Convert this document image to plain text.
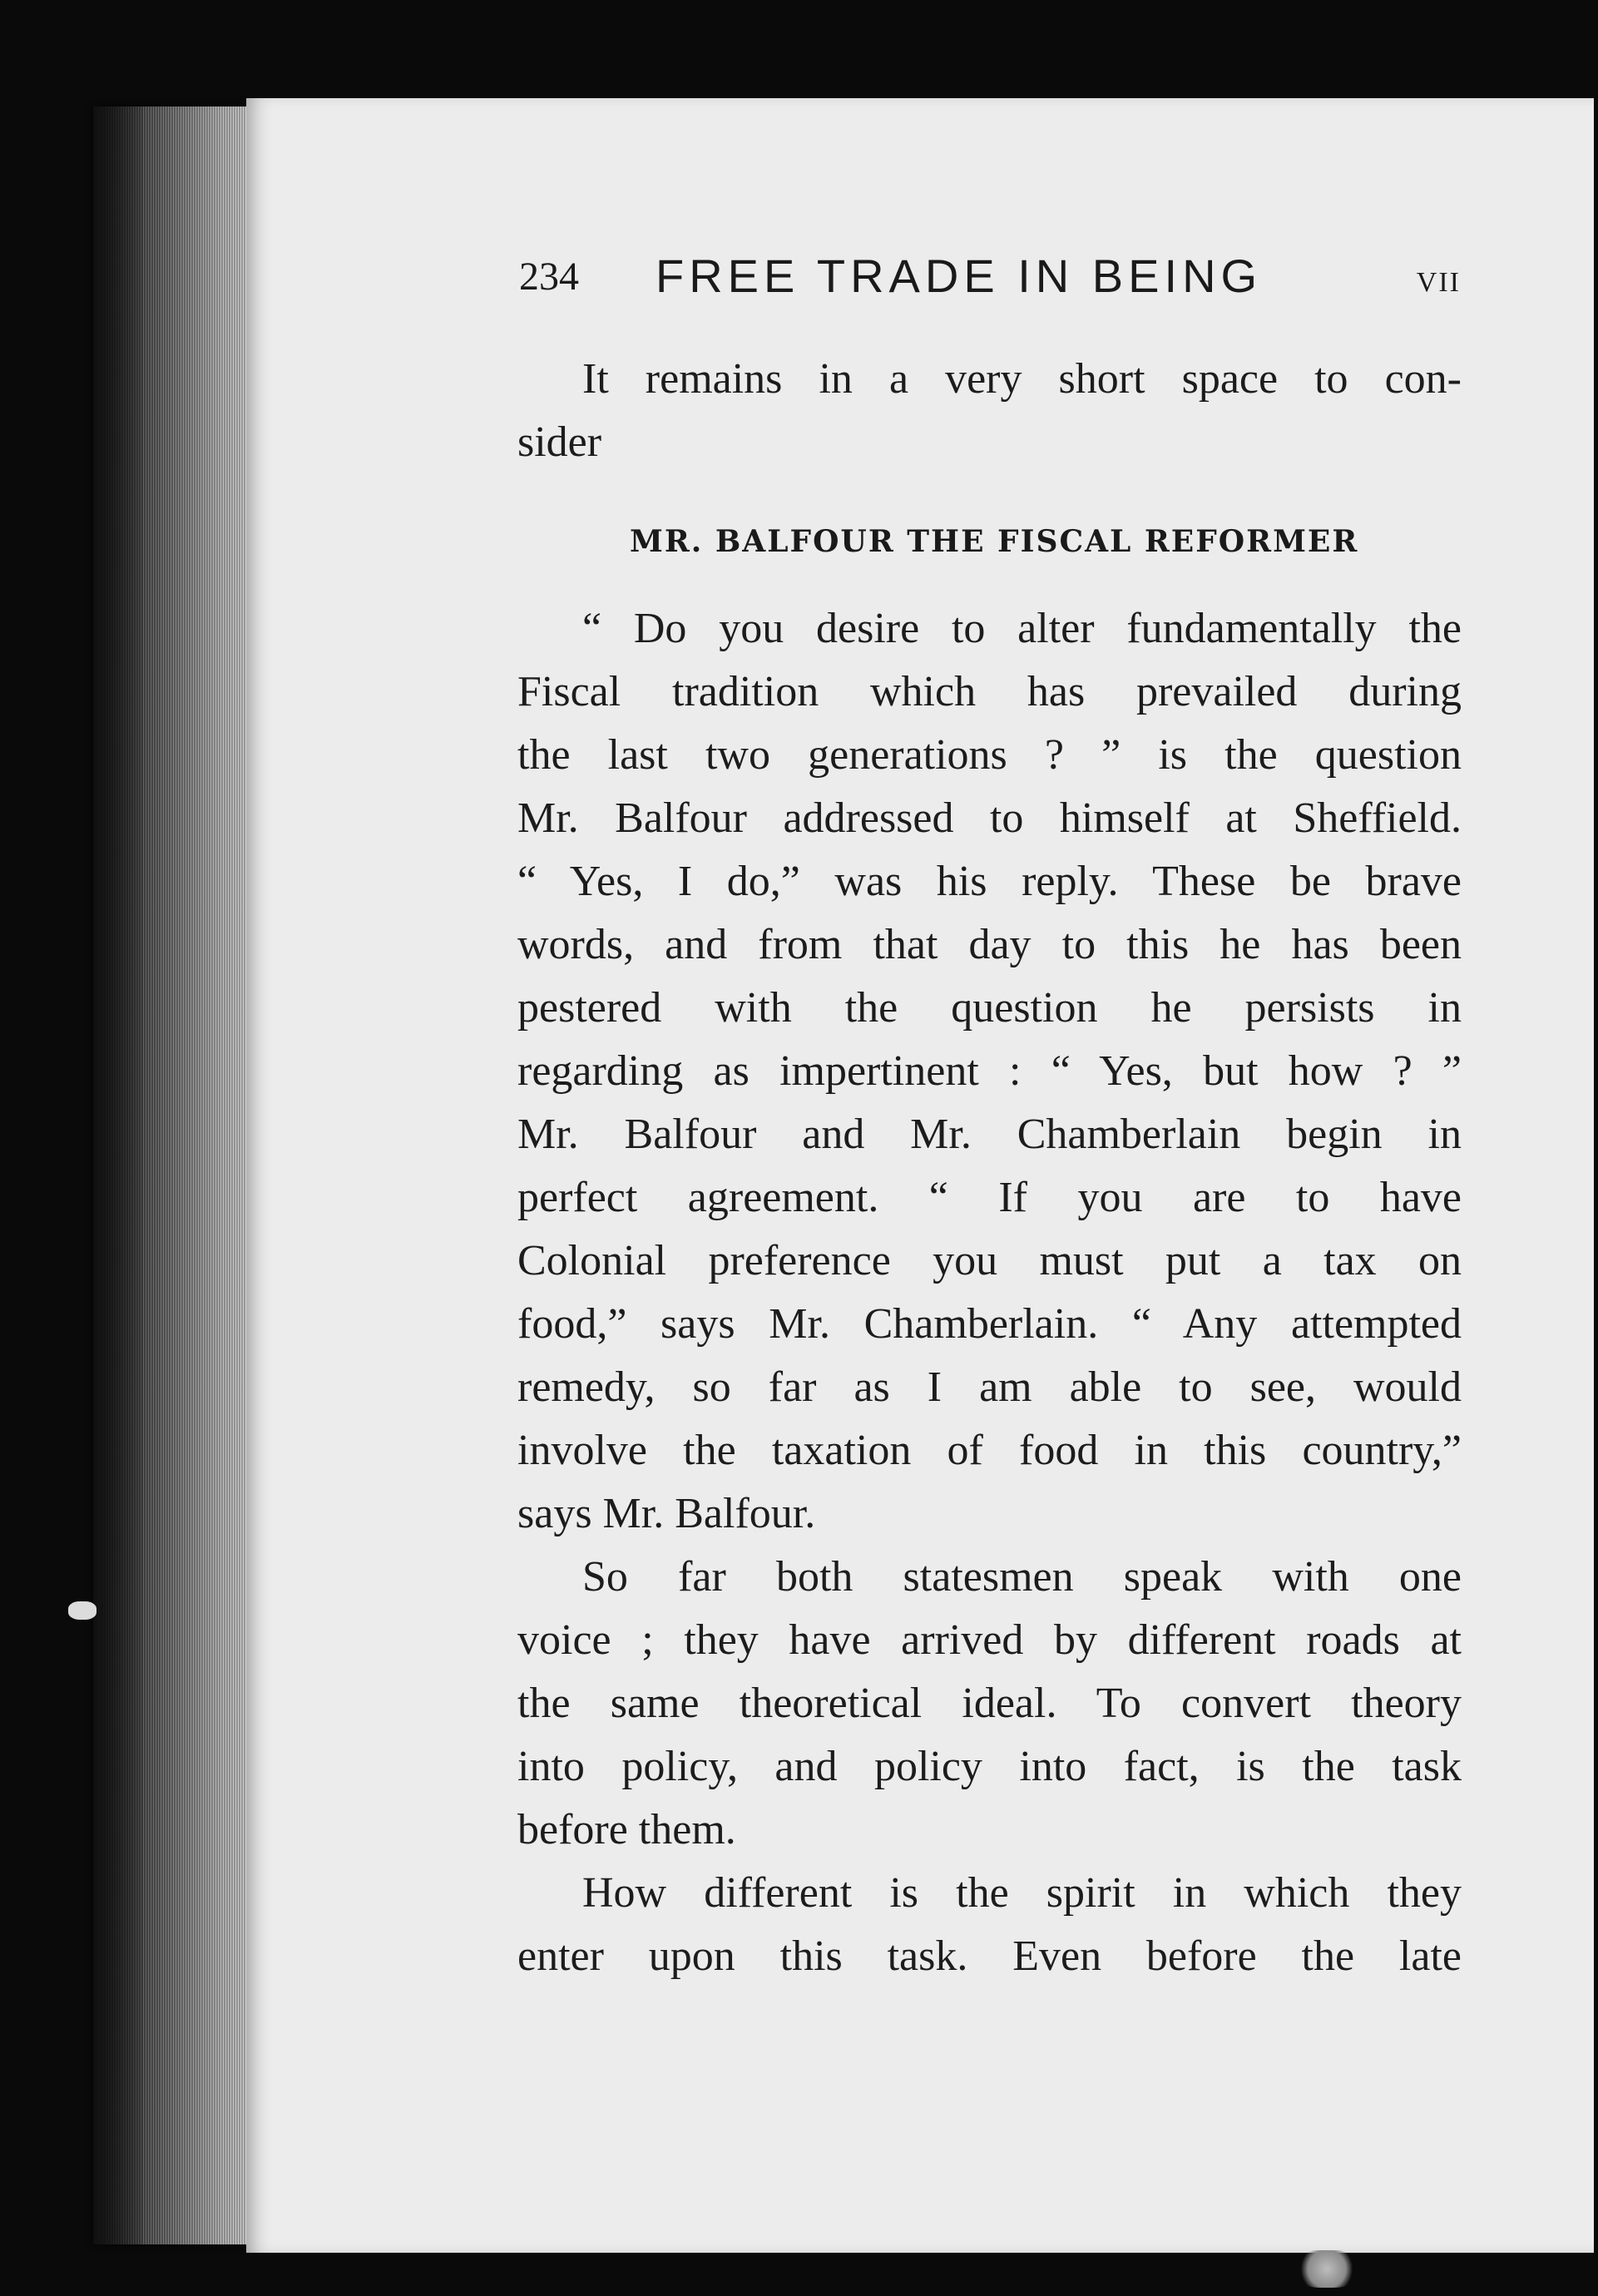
234 FREE TRADE IN BEING	VII
It remains in a very short space to con-
sider
MR. BALFOUR THE FISCAL REFORMER
“ Do you desire to alter fundamentally the
Fiscal tradition which has prevailed during
the last two generations ? ” is the question
Mr. Balfour addressed to himself at Sheffield.
“ Yes, I do,” was his reply. These be brave
words, and from that day to this he has been
pestered with the question he persists in
regarding as impertinent : “ Yes, but how ? ”
Mr. Balfour and Mr. Chamberlain begin in
perfect agreement. “ If you are to have
Colonial preference you must put a tax on
food,” says Mr. Chamberlain. “ Any attempted
remedy, so far as I am able to see, would
involve the taxation of food in this country,”
says Mr. Balfour.
So far both statesmen speak with one
voice ; they have arrived by different roads at
the same theoretical ideal. To convert theory
into policy, and policy into fact, is the task
before them.
How different is the spirit in which they
enter upon this task. Even before the late
